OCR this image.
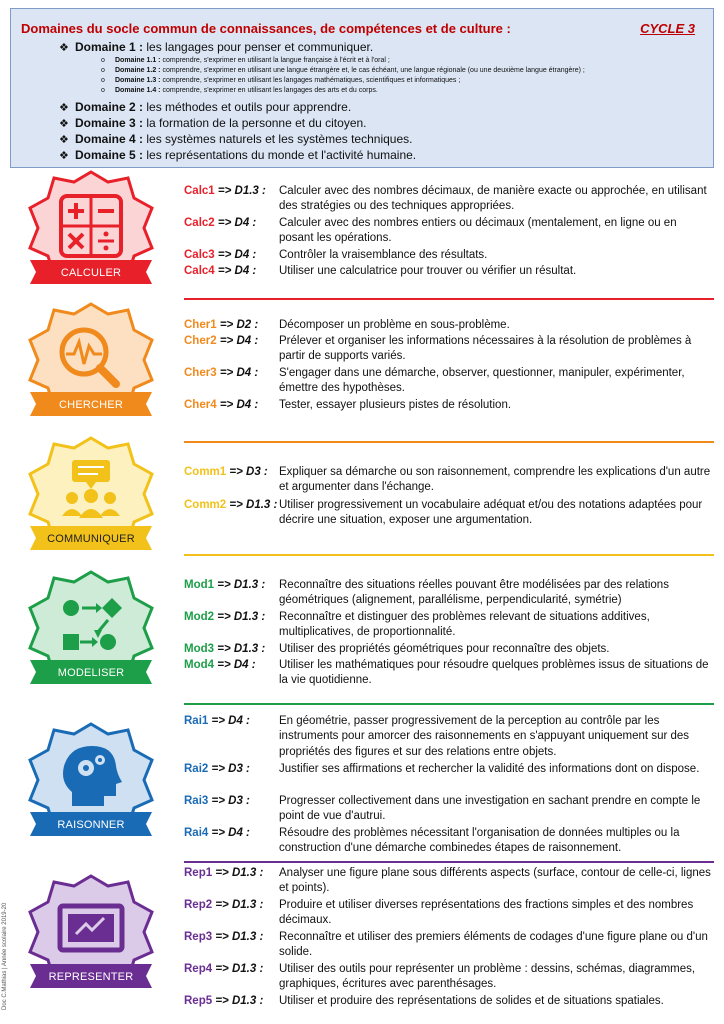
Domaines du socle commun de connaissances, de compétences et de culture :	CYCLE 3
❖ Domaine 1 : les langages pour penser et communiquer.
o Domaine 1.1 : comprendre, s'exprimer en utilisant la langue française à l'écrit et à l'oral ;
o Domaine 1.2 : comprendre, s'exprimer en utilisant une langue étrangère et, le cas échéant, une langue régionale (ou une deuxième langue étrangère) ;
o Domaine 1.3 : comprendre, s'exprimer en utilisant les langages mathématiques, scientifiques et informatiques ;
o Domaine 1.4 : comprendre, s'exprimer en utilisant les langages des arts et du corps.
❖ Domaine 2 : les méthodes et outils pour apprendre.
❖ Domaine 3 : la formation de la personne et du citoyen.
❖ Domaine 4 : les systèmes naturels et les systèmes techniques.
❖ Domaine 5 : les représentations du monde et l'activité humaine.
CALCULER
CHERCHER
COMMUNIQUER
MODELISER
RAISONNER
REPRESENTER
Calc1 => D1.3 :	Calculer avec des nombres décimaux, de manière exacte ou approchée, en utilisant des stratégies ou des techniques appropriées.
Calc2 => D4 :	Calculer avec des nombres entiers ou décimaux (mentalement, en ligne ou en posant les opérations.
Calc3 => D4 :	Contrôler la vraisemblance des résultats.
Calc4 => D4 :	Utiliser une calculatrice pour trouver ou vérifier un résultat.
Cher1 => D2 :	Décomposer un problème en sous-problème.
Cher2 => D4 :	Prélever et organiser les informations nécessaires à la résolution de problèmes à partir de supports variés.
Cher3 => D4 :	S'engager dans une démarche, observer, questionner, manipuler, expérimenter, émettre des hypothèses.
Cher4 => D4 :	Tester, essayer plusieurs pistes de résolution.
Comm1 => D3 : Expliquer sa démarche ou son raisonnement, comprendre les explications d'un autre et argumenter dans l'échange.
Comm2 => D1.3 : Utiliser progressivement un vocabulaire adéquat et/ou des notations adaptées pour décrire une situation, exposer une argumentation.
Mod1 => D1.3 :	Reconnaître des situations réelles pouvant être modélisées par des relations géométriques (alignement, parallélisme, perpendicularité, symétrie)
Mod2 => D1.3 :	Reconnaître et distinguer des problèmes relevant de situations additives, multiplicatives, de proportionnalité.
Mod3 => D1.3 :	Utiliser des propriétés géométriques pour reconnaître des objets.
Mod4 => D4 :	Utiliser les mathématiques pour résoudre quelques problèmes issus de situations de la vie quotidienne.
Rai1 => D4 :	En géométrie, passer progressivement de la perception au contrôle par les instruments pour amorcer des raisonnements en s'appuyant uniquement sur des propriétés des figures et sur des relations entre objets.
Rai2 => D3 :	Justifier ses affirmations et rechercher la validité des informations dont on dispose.
Rai3 => D3 :	Progresser collectivement dans une investigation en sachant prendre en compte le point de vue d'autrui.
Rai4 => D4 :	Résoudre des problèmes nécessitant l'organisation de données multiples ou la construction d'une démarche combinedes étapes de raisonnement.
Rep1 => D1.3 :	Analyser une figure plane sous différents aspects (surface, contour de celle-ci, lignes et points).
Rep2 => D1.3 :	Produire et utiliser diverses représentations des fractions simples et des nombres décimaux.
Rep3 => D1.3 :	Reconnaître et utiliser des premiers éléments de codages d'une figure plane ou d'un solide.
Rep4 => D1.3 :	Utiliser des outils pour représenter un problème : dessins, schémas, diagrammes, graphiques, écritures avec parenthésages.
Rep5 => D1.3 :	Utiliser et produire des représentations de solides et de situations spatiales.
Doc C.Mathias | Année scolaire 2019-20
